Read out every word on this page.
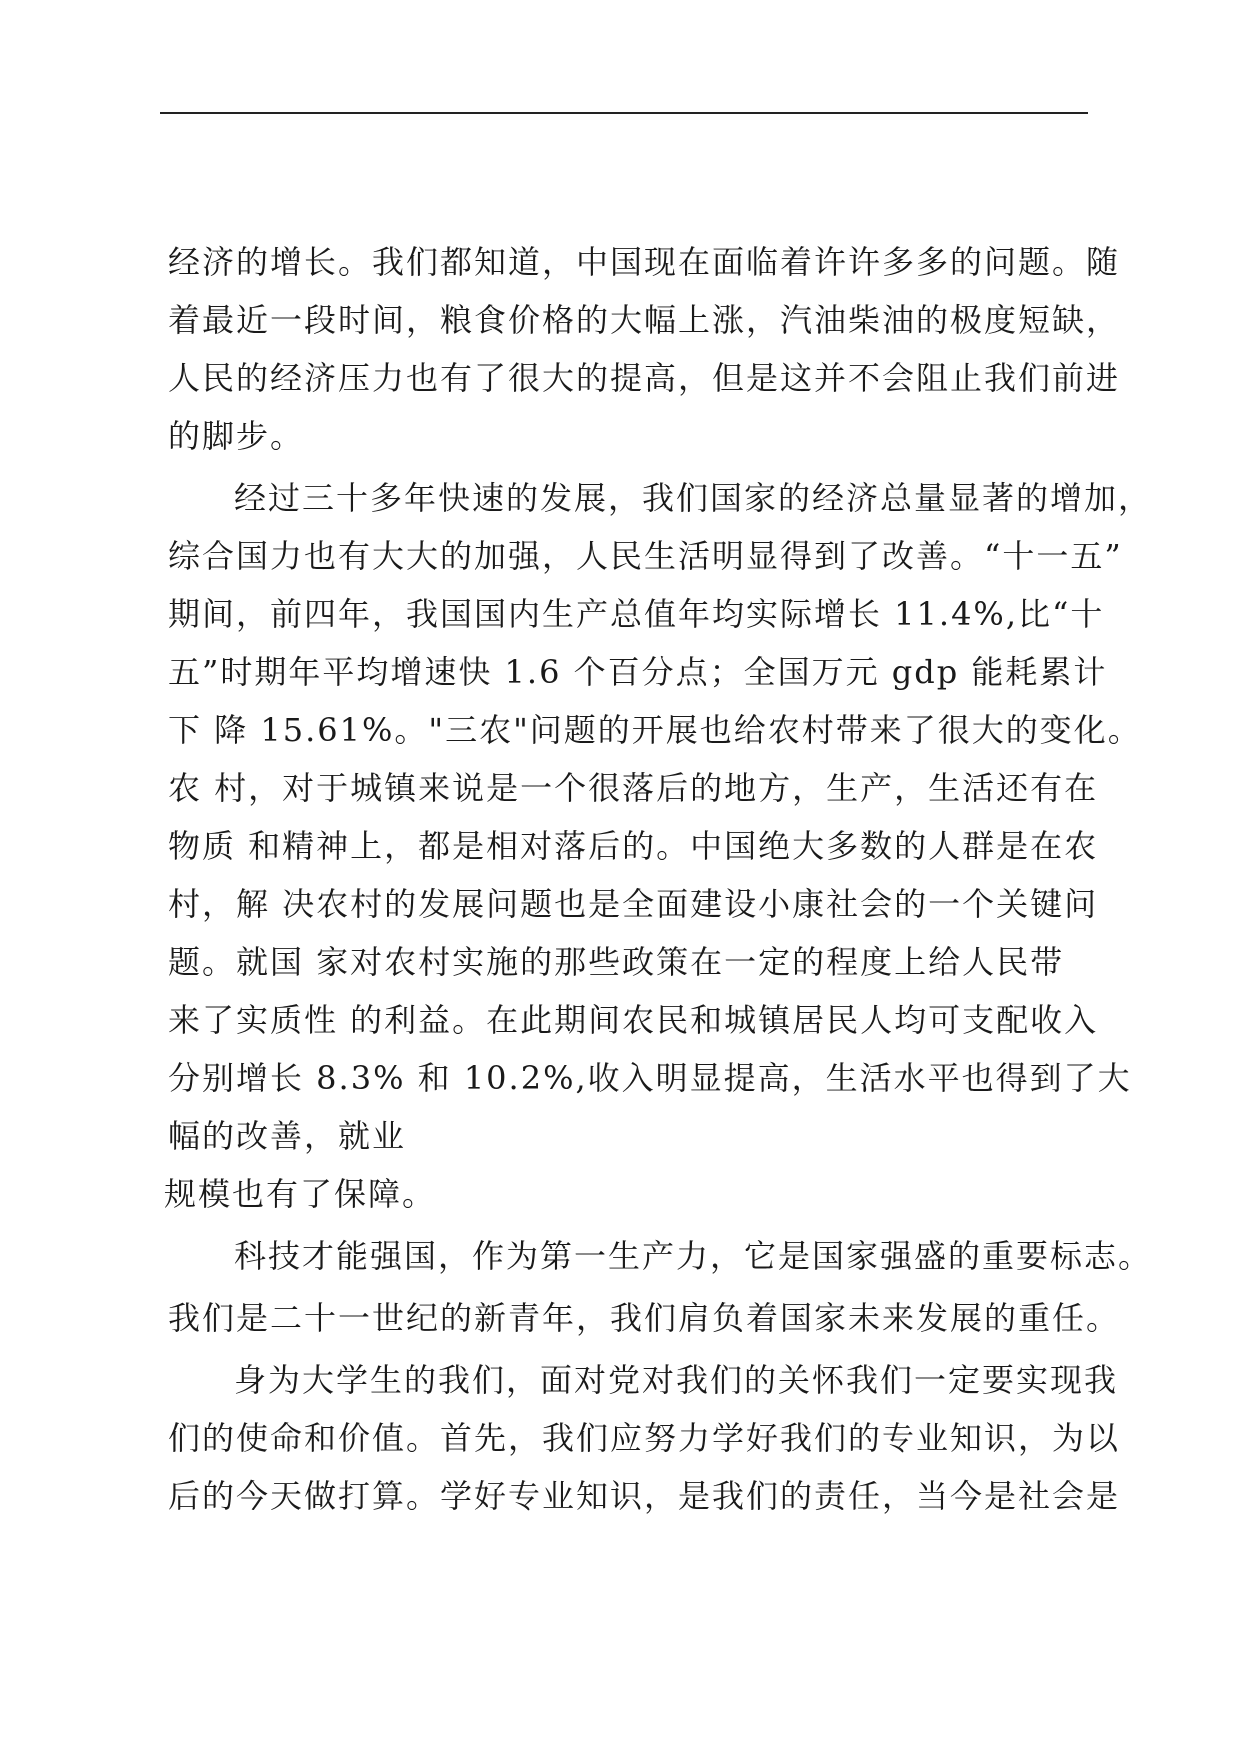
经济的增长。我们都知道，中国现在面临着许许多多的问题。随
着最近一段时间，粮食价格的大幅上涨，汽油柴油的极度短缺，
人民的经济压力也有了很大的提高，但是这并不会阻止我们前进
的脚步。
经过三十多年快速的发展，我们国家的经济总量显著的增加，
综合国力也有大大的加强，人民生活明显得到了改善。“十一五”
期间，前四年，我国国内生产总值年均实际增长 11.4%,比“十
五”时期年平均增速快 1.6 个百分点；全国万元 gdp 能耗累计
下 降 15.61%。"三农"问题的开展也给农村带来了很大的变化。
农 村，对于城镇来说是一个很落后的地方，生产，生活还有在
物质 和精神上，都是相对落后的。中国绝大多数的人群是在农
村，解 决农村的发展问题也是全面建设小康社会的一个关键问
题。就国 家对农村实施的那些政策在一定的程度上给人民带
来了实质性 的利益。在此期间农民和城镇居民人均可支配收入
分别增长 8.3% 和 10.2%,收入明显提高，生活水平也得到了大
幅的改善，就业
规模也有了保障。
科技才能强国，作为第一生产力，它是国家强盛的重要标志。
我们是二十一世纪的新青年，我们肩负着国家未来发展的重任。
身为大学生的我们，面对党对我们的关怀我们一定要实现我
们的使命和价值。首先，我们应努力学好我们的专业知识，为以
后的今天做打算。学好专业知识，是我们的责任，当今是社会是
